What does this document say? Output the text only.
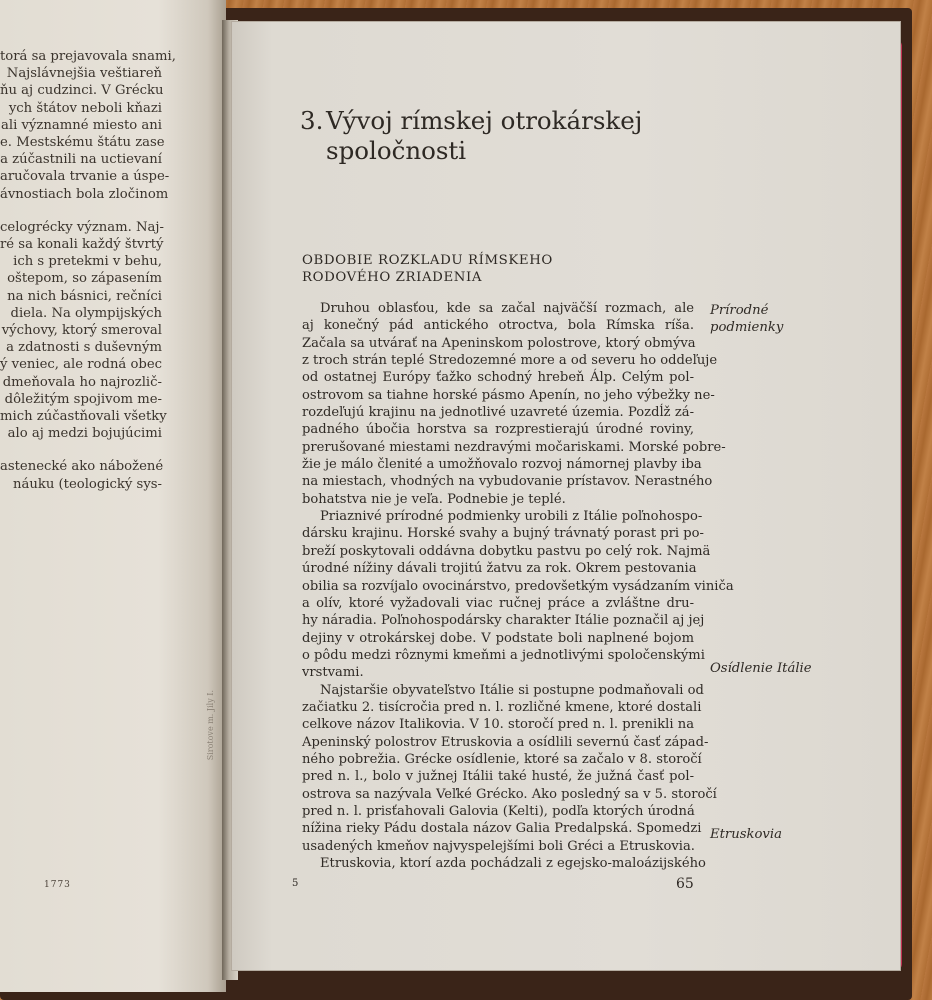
torá sa prejavovala snami,
Najslávnejšia veštiareň
ňu aj cudzinci. V Grécku
ych štátov neboli kňazi
ali významné miesto ani
e. Mestskému štátu zase
a zúčastnili na uctievaní
aručovala trvanie a úspe-
ávnostiach bola zločinom
celogrécky význam. Naj-
ré sa konali každý štvrtý
ich s pretekmi v behu,
oštepom, so zápasením
na nich básnici, rečníci
diela. Na olympijských
výchovy, ktorý smeroval
a zdatnosti s duševným
ý veniec, ale rodná obec
dmeňovala ho najrozlič-
dôležitým spojivom me-
mich zúčastňovali všetky
alo aj medzi bojujúcimi
astenecké ako nábožené
náuku (teologický sys-
Sirotove m. Jily I.
1773
3. Vývoj rímskej otrokárskej
spoločnosti
OBDOBIE ROZKLADU RÍMSKEHO
RODOVÉHO ZRIADENIA
Druhou oblasťou, kde sa začal najväčší rozmach, ale
aj konečný pád antického otroctva, bola Rímska ríša.
Začala sa utvárať na Apeninskom polostrove, ktorý obmýva
z troch strán teplé Stredozemné more a od severu ho oddeľuje
od ostatnej Európy ťažko schodný hrebeň Álp. Celým pol-
ostrovom sa tiahne horské pásmo Apenín, no jeho výbežky ne-
rozdeľujú krajinu na jednotlivé uzavreté územia. Pozdĺž zá-
padného úbočia horstva sa rozprestierajú úrodné roviny,
prerušované miestami nezdravými močariskami. Morské pobre-
žie je málo členité a umožňovalo rozvoj námornej plavby iba
na miestach, vhodných na vybudovanie prístavov. Nerastného
bohatstva nie je veľa. Podnebie je teplé.
Priaznivé prírodné podmienky urobili z Itálie poľnohospo-
dársku krajinu. Horské svahy a bujný trávnatý porast pri po-
breží poskytovali oddávna dobytku pastvu po celý rok. Najmä
úrodné nížiny dávali trojitú žatvu za rok. Okrem pestovania
obilia sa rozvíjalo ovocinárstvo, predovšetkým vysádzaním viniča
a olív, ktoré vyžadovali viac ručnej práce a zvláštne dru-
hy náradia. Poľnohospodársky charakter Itálie poznačil aj jej
dejiny v otrokárskej dobe. V podstate boli naplnené bojom
o pôdu medzi rôznymi kmeňmi a jednotlivými spoločenskými
vrstvami.
Najstaršie obyvateľstvo Itálie si postupne podmaňovali od
začiatku 2. tisícročia pred n. l. rozličné kmene, ktoré dostali
celkove názov Italikovia. V 10. storočí pred n. l. prenikli na
Apeninský polostrov Etruskovia a osídlili severnú časť západ-
ného pobrežia. Grécke osídlenie, ktoré sa začalo v 8. storočí
pred n. l., bolo v južnej Itálii také husté, že južná časť pol-
ostrova sa nazývala Veľké Grécko. Ako posledný sa v 5. storočí
pred n. l. prisťahovali Galovia (Kelti), podľa ktorých úrodná
nížina rieky Pádu dostala názov Galia Predalpská. Spomedzi
usadených kmeňov najvyspelejšími boli Gréci a Etruskovia.
Etruskovia, ktorí azda pochádzali z egejsko-maloázijského
Prírodné
podmienky
Osídlenie Itálie
Etruskovia
5	65
